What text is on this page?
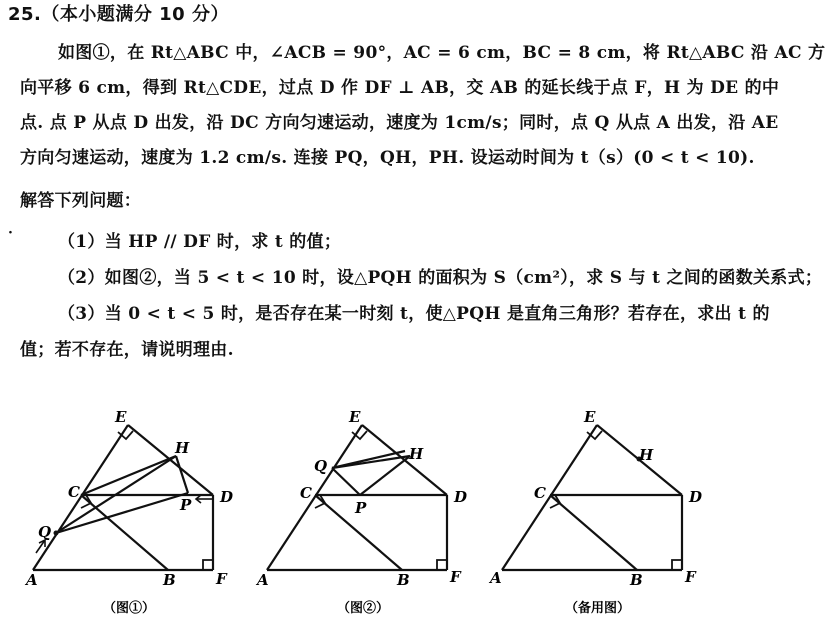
25.（本小题满分 10 分）
如图①，在 Rt△ABC 中，∠ACB = 90°，AC = 6 cm，BC = 8 cm，将 Rt△ABC 沿 AC 方
向平移 6 cm，得到 Rt△CDE，过点 D 作 DF ⊥ AB，交 AB 的延长线于点 F，H 为 DE 的中
点. 点 P 从点 D 出发，沿 DC 方向匀速运动，速度为 1cm/s；同时，点 Q 从点 A 出发，沿 AE
方向匀速运动，速度为 1.2 cm/s. 连接 PQ，QH，PH. 设运动时间为 t（s）(0 < t < 10).
解答下列问题：
·	（1）当 HP // DF 时，求 t 的值；
（2）如图②，当 5 < t < 10 时，设△PQH 的面积为 S（cm²），求 S 与 t 之间的函数关系式；
（3）当 0 < t < 5 时，是否存在某一时刻 t，使△PQH 是直角三角形？若存在，求出 t 的
值；若不存在，请说明理由.
E
H
C	D
P
Q
A	B	F
（图①）
E
H
Q
C	D
P
A	B	F
（图②）
E
H
C	D
A	B	F
（备用图）
